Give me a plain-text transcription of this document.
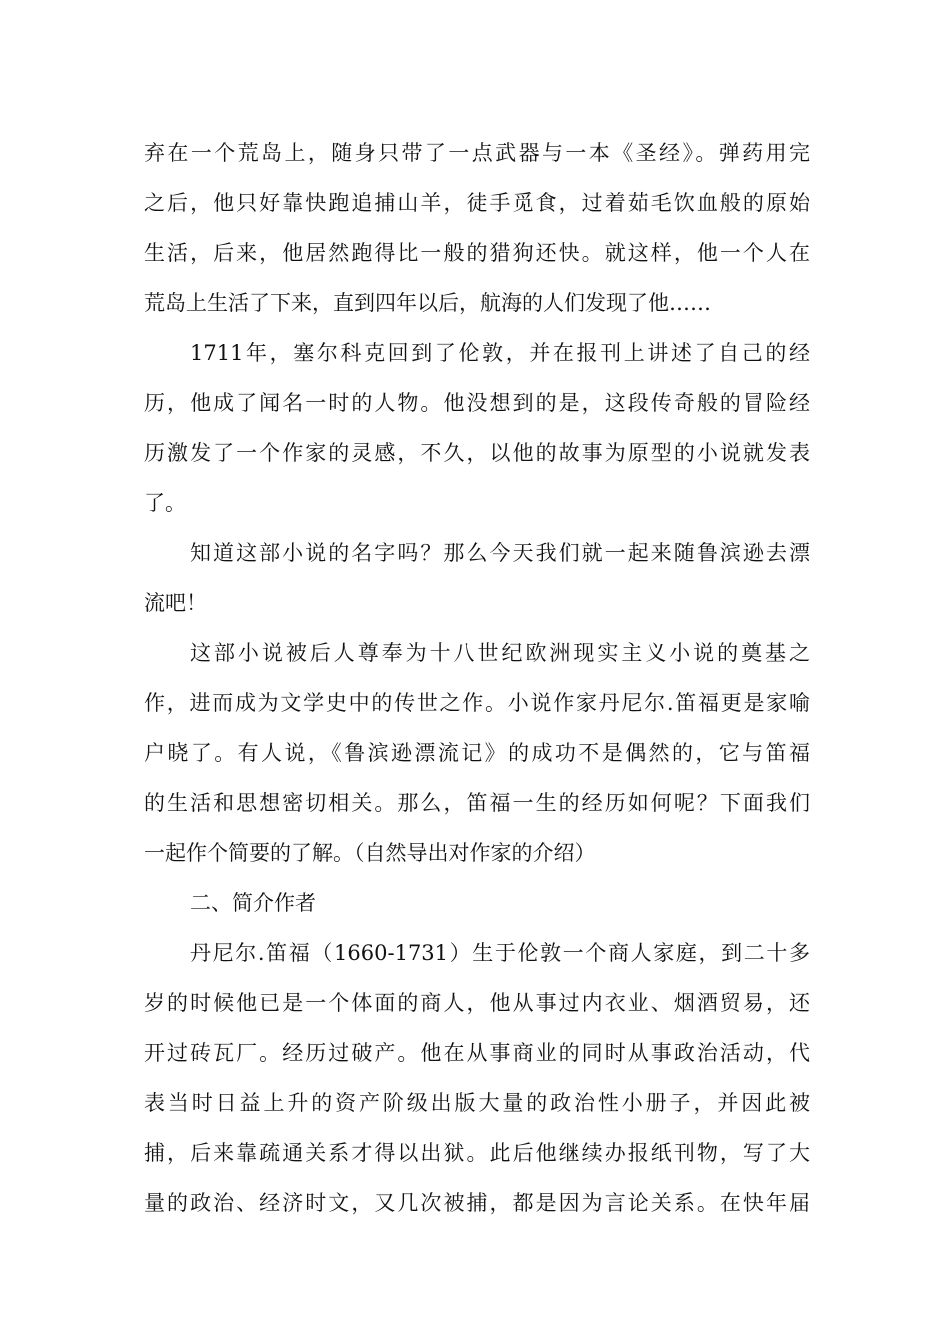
弃在一个荒岛上，随身只带了一点武器与一本《圣经》。弹药用完
之后，他只好靠快跑追捕山羊，徒手觅食，过着茹毛饮血般的原始
生活，后来，他居然跑得比一般的猎狗还快。就这样，他一个人在
荒岛上生活了下来，直到四年以后，航海的人们发现了他……
1711年，塞尔科克回到了伦敦，并在报刊上讲述了自己的经
历，他成了闻名一时的人物。他没想到的是，这段传奇般的冒险经
历激发了一个作家的灵感，不久，以他的故事为原型的小说就发表
了。
知道这部小说的名字吗？那么今天我们就一起来随鲁滨逊去漂
流吧！
这部小说被后人尊奉为十八世纪欧洲现实主义小说的奠基之
作，进而成为文学史中的传世之作。小说作家丹尼尔.笛福更是家喻
户晓了。有人说，《鲁滨逊漂流记》的成功不是偶然的，它与笛福
的生活和思想密切相关。那么，笛福一生的经历如何呢？下面我们
一起作个简要的了解。（自然导出对作家的介绍）
二、简介作者
丹尼尔.笛福（1660-1731）生于伦敦一个商人家庭，到二十多
岁的时候他已是一个体面的商人，他从事过内衣业、烟酒贸易，还
开过砖瓦厂。经历过破产。他在从事商业的同时从事政治活动，代
表当时日益上升的资产阶级出版大量的政治性小册子，并因此被
捕，后来靠疏通关系才得以出狱。此后他继续办报纸刊物，写了大
量的政治、经济时文，又几次被捕，都是因为言论关系。在快年届
